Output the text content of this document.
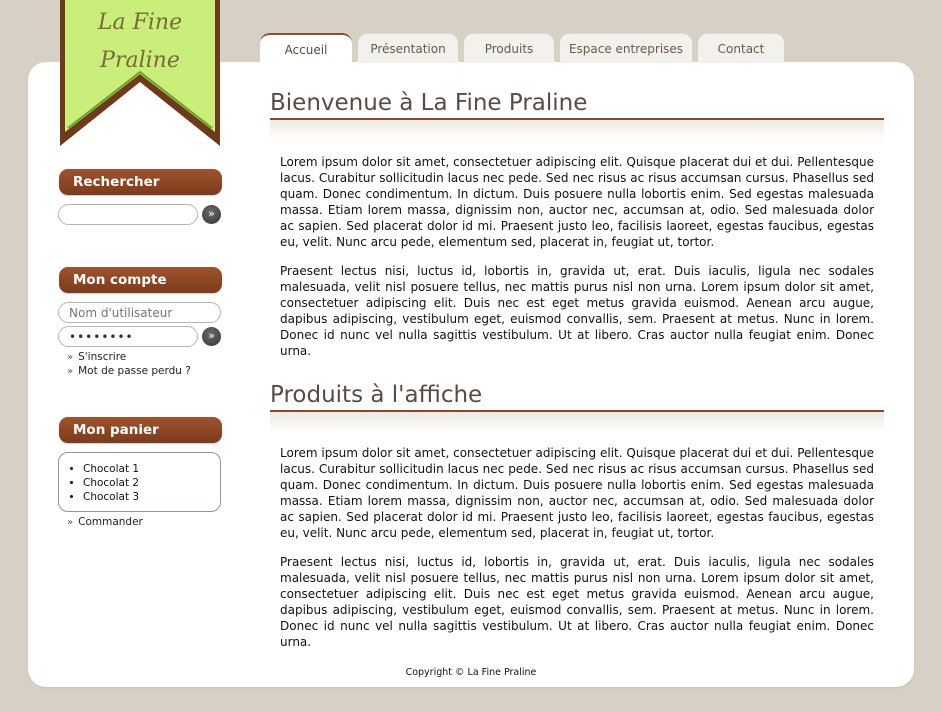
La Fine
Praline	Accueil	Présentation	Produits	Espace entreprises	Contact
Rechercher
»
Mon compte
Nom d'utilisateur
••••••••
»
» S'inscrire
» Mot de passe perdu ?
Mon panier
• Chocolat 1
• Chocolat 2
• Chocolat 3
» Commander
Bienvenue à La Fine Praline

Lorem ipsum dolor sit amet, consectetuer adipiscing elit. Quisque placerat dui et dui. Pellentesque lacus. Curabitur sollicitudin lacus nec pede. Sed nec risus ac risus accumsan cursus. Phasellus sed quam. Donec condimentum. In dictum. Duis posuere nulla lobortis enim. Sed egestas malesuada massa. Etiam lorem massa, dignissim non, auctor nec, accumsan at, odio. Sed malesuada dolor ac sapien. Sed placerat dolor id mi. Praesent justo leo, facilisis laoreet, egestas faucibus, egestas eu, velit. Nunc arcu pede, elementum sed, placerat in, feugiat ut, tortor.

Praesent lectus nisi, luctus id, lobortis in, gravida ut, erat. Duis iaculis, ligula nec sodales malesuada, velit nisl posuere tellus, nec mattis purus nisl non urna. Lorem ipsum dolor sit amet, consectetuer adipiscing elit. Duis nec est eget metus gravida euismod. Aenean arcu augue, dapibus adipiscing, vestibulum eget, euismod convallis, sem. Praesent at metus. Nunc in lorem. Donec id nunc vel nulla sagittis vestibulum. Ut at libero. Cras auctor nulla feugiat enim. Donec urna.

Produits à l'affiche

Lorem ipsum dolor sit amet, consectetuer adipiscing elit. Quisque placerat dui et dui. Pellentesque lacus. Curabitur sollicitudin lacus nec pede. Sed nec risus ac risus accumsan cursus. Phasellus sed quam. Donec condimentum. In dictum. Duis posuere nulla lobortis enim. Sed egestas malesuada massa. Etiam lorem massa, dignissim non, auctor nec, accumsan at, odio. Sed malesuada dolor ac sapien. Sed placerat dolor id mi. Praesent justo leo, facilisis laoreet, egestas faucibus, egestas eu, velit. Nunc arcu pede, elementum sed, placerat in, feugiat ut, tortor.

Praesent lectus nisi, luctus id, lobortis in, gravida ut, erat. Duis iaculis, ligula nec sodales malesuada, velit nisl posuere tellus, nec mattis purus nisl non urna. Lorem ipsum dolor sit amet, consectetuer adipiscing elit. Duis nec est eget metus gravida euismod. Aenean arcu augue, dapibus adipiscing, vestibulum eget, euismod convallis, sem. Praesent at metus. Nunc in lorem. Donec id nunc vel nulla sagittis vestibulum. Ut at libero. Cras auctor nulla feugiat enim. Donec urna.

Copyright © La Fine Praline
